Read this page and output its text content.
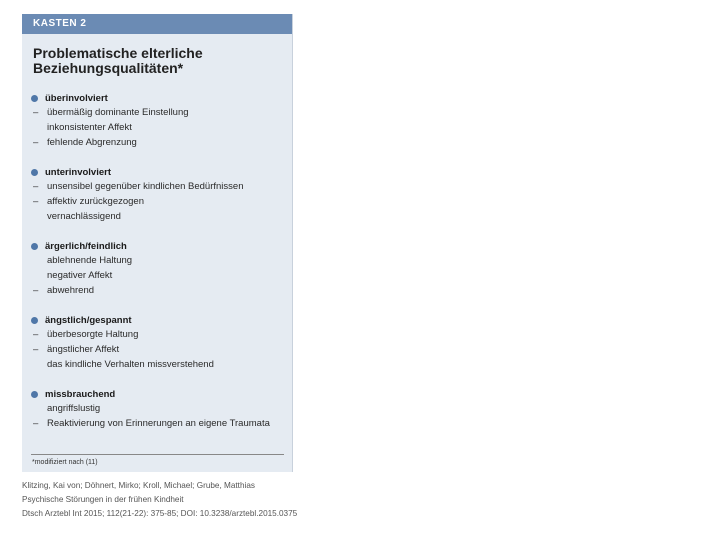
KASTEN 2
Problematische elterliche
Beziehungsqualitäten*
überinvolviert
– übermäßig dominante Einstellung
inkonsistenter Affekt
– fehlende Abgrenzung
unterinvolviert
– unsensibel gegenüber kindlichen Bedürfnissen
– affektiv zurückgezogen
vernachlässigend
ärgerlich/feindlich
ablehnende Haltung
negativer Affekt
– abwehrend
ängstlich/gespannt
– überbesorgte Haltung
– ängstlicher Affekt
das kindliche Verhalten missverstehend
missbrauchend
angriffslustig
– Reaktivierung von Erinnerungen an eigene Traumata
*modifiziert nach (11)
Klitzing, Kai von; Döhnert, Mirko; Kroll, Michael; Grube, Matthias
Psychische Störungen in der frühen Kindheit
Dtsch Arztebl Int 2015; 112(21-22): 375-85; DOI: 10.3238/arztebl.2015.0375
